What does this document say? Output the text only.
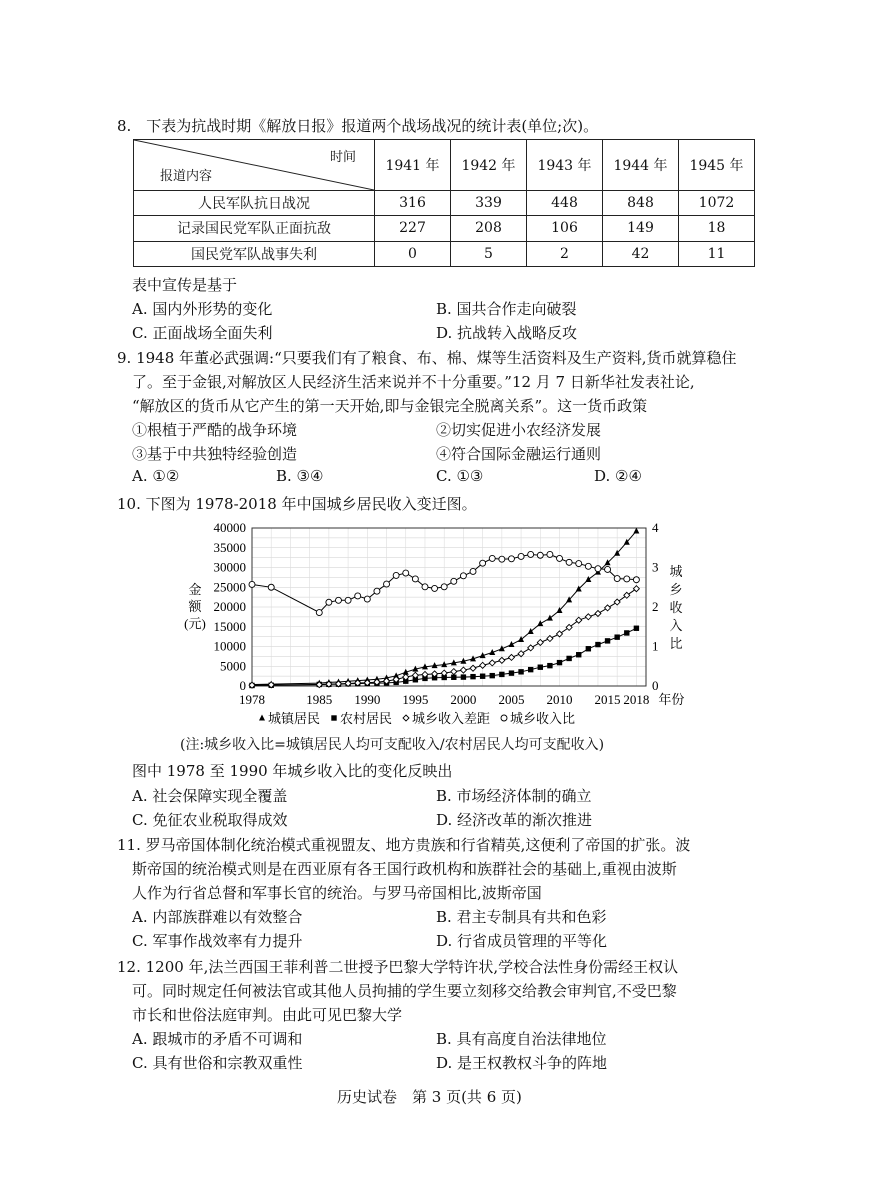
8.　下表为抗战时期《解放日报》报道两个战场战况的统计表(单位;次)。
时间
报道内容	1941 年	1942 年	1943 年	1944 年	1945 年
人民军队抗日战况	316	339	448	848	1072
记录国民党军队正面抗敌	227	208	106	149	18
国民党军队战事失利	0	5	2	42	11
表中宣传是基于
A. 国内外形势的变化	B. 国共合作走向破裂
C. 正面战场全面失利	D. 抗战转入战略反攻
9. 1948 年董必武强调:“只要我们有了粮食、布、棉、煤等生活资料及生产资料,货币就算稳住
了。至于金银,对解放区人民经济生活来说并不十分重要。”12 月 7 日新华社发表社论,
“解放区的货币从它产生的第一天开始,即与金银完全脱离关系”。这一货币政策
①根植于严酷的战争环境	②切实促进小农经济发展
③基于中共独特经验创造	④符合国际金融运行通则
A. ①②	B. ③④	C. ①③	D. ②④
10. 下图为 1978-2018 年中国城乡居民收入变迁图。
40000
35000
30000
25000
20000
15000
10000
5000
0
4
3
2
1
0
1978	1985 1990 1995 2000 2005 2010 2015 2018 年份
金
额
(元)
城
乡
收
入
比
城镇居民 农村居民 城乡收入差距 城乡收入比
(注:城乡收入比=城镇居民人均可支配收入/农村居民人均可支配收入)
图中 1978 至 1990 年城乡收入比的变化反映出
A. 社会保障实现全覆盖	B. 市场经济体制的确立
C. 免征农业税取得成效	D. 经济改革的渐次推进
11. 罗马帝国体制化统治模式重视盟友、地方贵族和行省精英,这便利了帝国的扩张。波
斯帝国的统治模式则是在西亚原有各王国行政机构和族群社会的基础上,重视由波斯
人作为行省总督和军事长官的统治。与罗马帝国相比,波斯帝国
A. 内部族群难以有效整合	B. 君主专制具有共和色彩
C. 军事作战效率有力提升	D. 行省成员管理的平等化
12. 1200 年,法兰西国王菲利普二世授予巴黎大学特许状,学校合法性身份需经王权认
可。同时规定任何被法官或其他人员拘捕的学生要立刻移交给教会审判官,不受巴黎
市长和世俗法庭审判。由此可见巴黎大学
A. 跟城市的矛盾不可调和	B. 具有高度自治法律地位
C. 具有世俗和宗教双重性	D. 是王权教权斗争的阵地
历史试卷　第 3 页(共 6 页)
